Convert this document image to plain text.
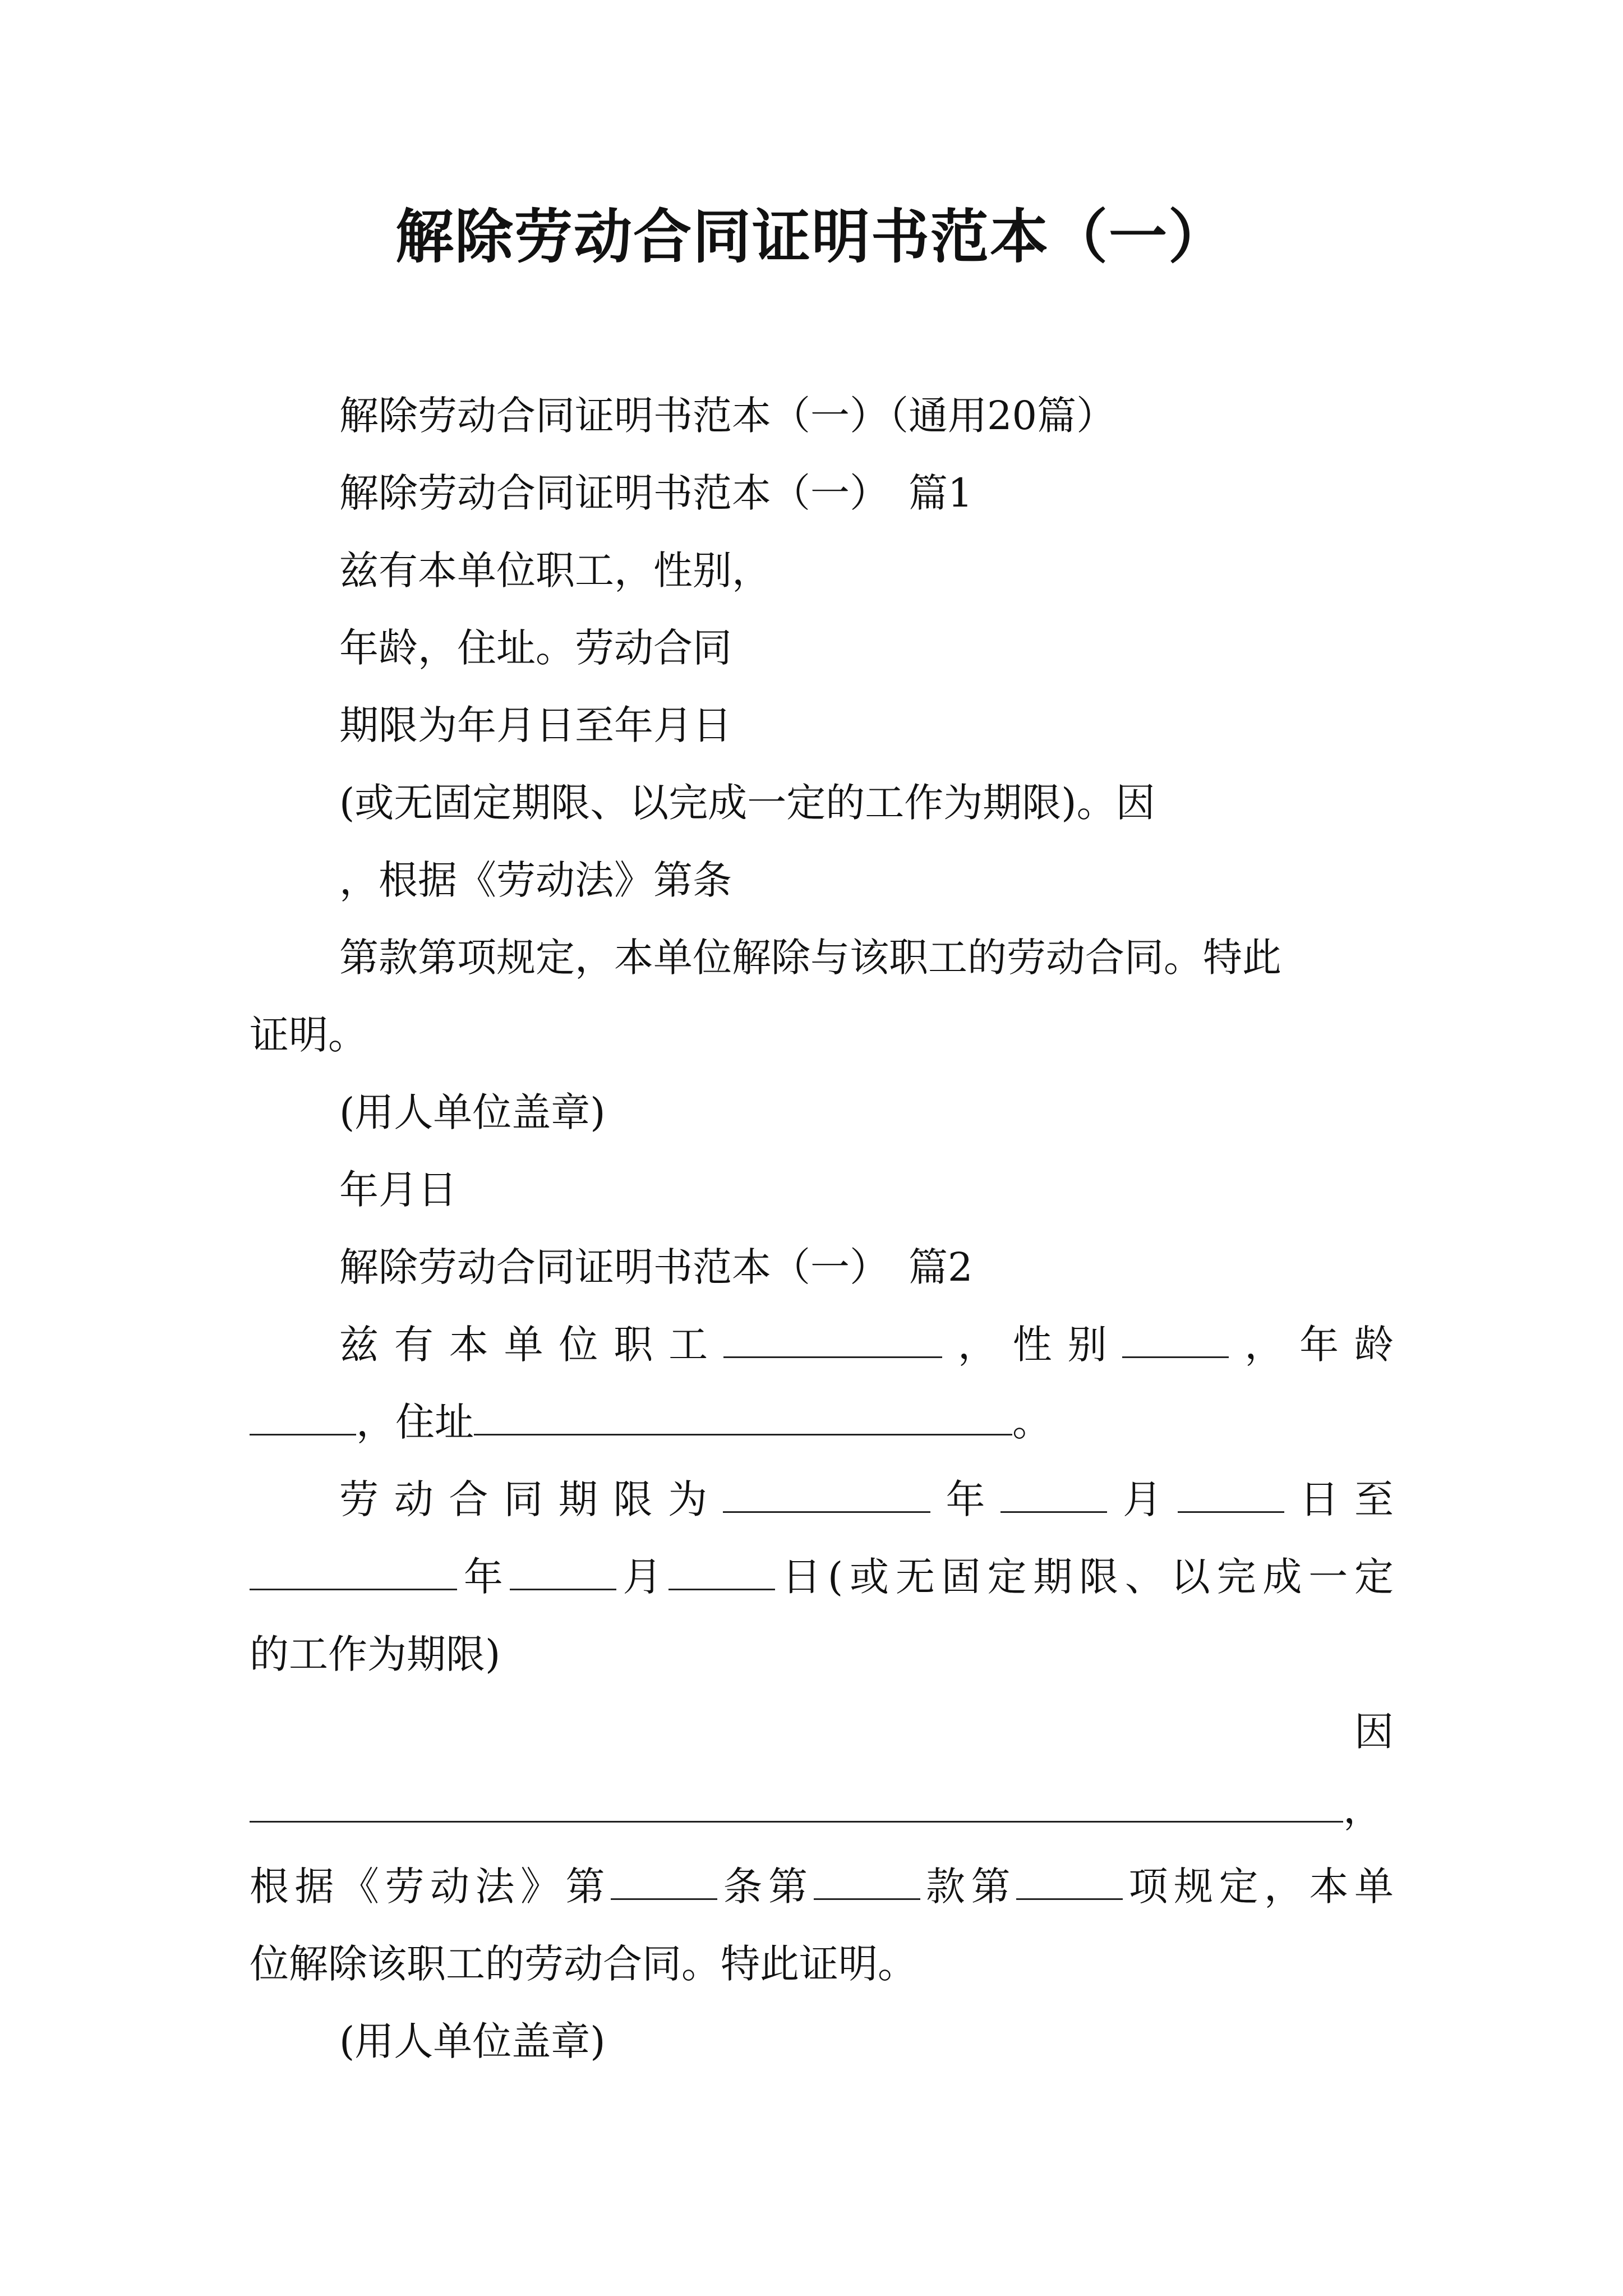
解除劳动合同证明书范本（一）

解除劳动合同证明书范本（一）（通用20篇）

解除劳动合同证明书范本（一）　篇1

兹有本单位职工，性别，

年龄，住址。劳动合同

期限为年月日至年月日

(或无固定期限、以完成一定的工作为期限)。因

，根据《劳动法》第条

第款第项规定，本单位解除与该职工的劳动合同。特此

证明。

(用人单位盖章)

年月日

解除劳动合同证明书范本（一）　篇2

兹有本单位职工	，性别	，年龄

，住址	。

劳动合同期限为	年	月	日至

年	月	日(或无固定期限、以完成一定

的工作为期限)

因

，

根据《劳动法》第	条第	款第	项规定，本单

位解除该职工的劳动合同。特此证明。

(用人单位盖章)
